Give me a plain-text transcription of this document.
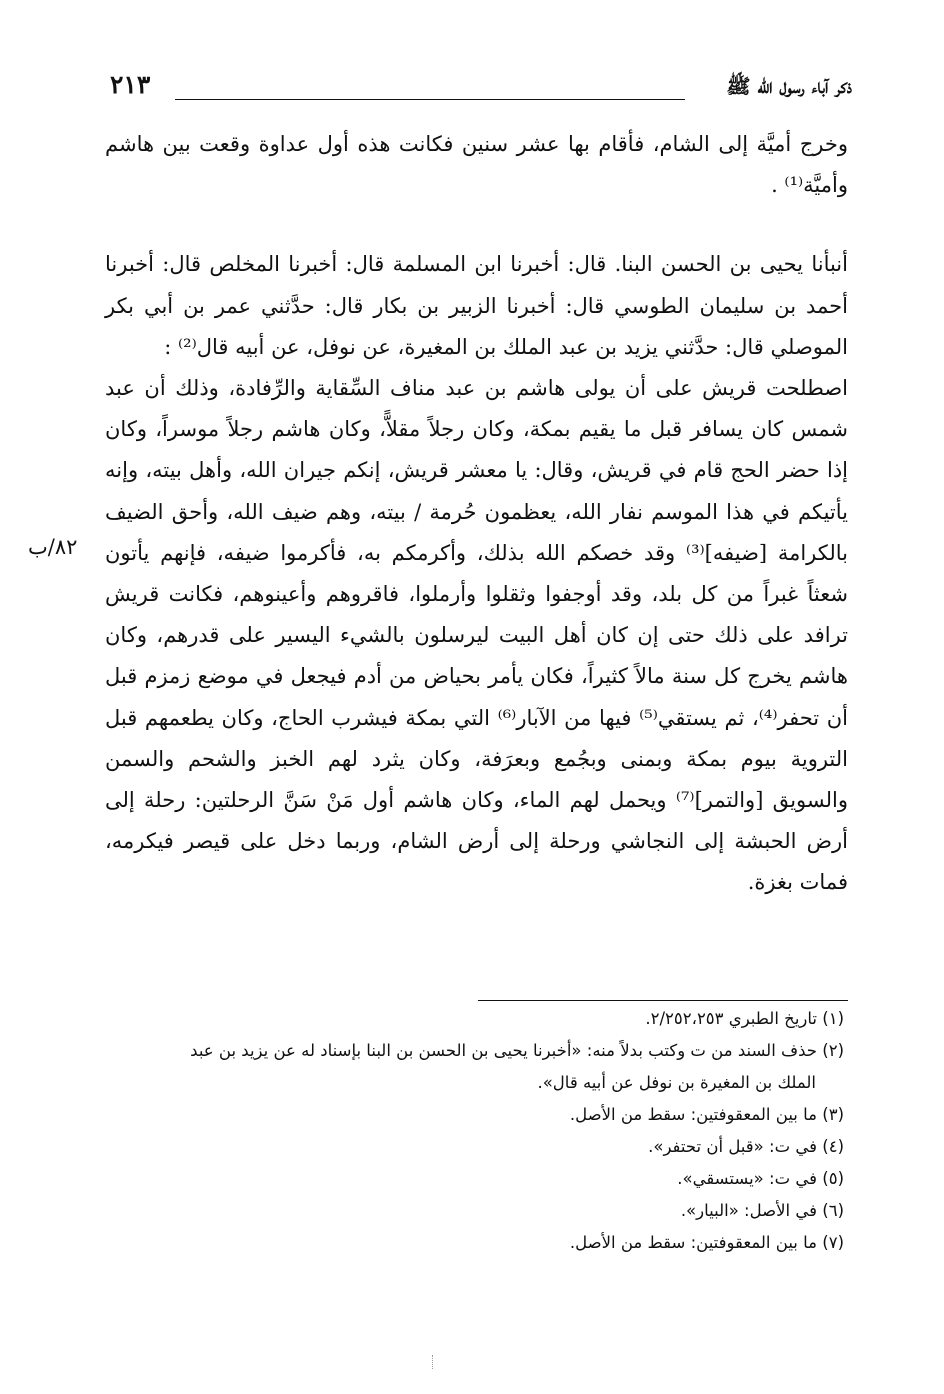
ذكر آباء رسول الله ﷺ
٢١٣

وخرج أميَّة إلى الشام، فأقام بها عشر سنين فكانت هذه أول عداوة وقعت بين هاشم وأميَّة⁽¹⁾ .

أنبأنا يحيى بن الحسن البنا. قال: أخبرنا ابن المسلمة قال: أخبرنا المخلص قال: أخبرنا أحمد بن سليمان الطوسي قال: أخبرنا الزبير بن بكار قال: حدَّثني عمر بن أبي بكر الموصلي قال: حدَّثني يزيد بن عبد الملك بن المغيرة، عن نوفل، عن أبيه قال⁽²⁾ :

اصطلحت قريش على أن يولى هاشم بن عبد مناف السِّقاية والرِّفادة، وذلك أن عبد شمس كان يسافر قبل ما يقيم بمكة، وكان رجلاً مقلاًّ، وكان هاشم رجلاً موسراً، وكان إذا حضر الحج قام في قريش، وقال: يا معشر قريش، إنكم جيران الله، وأهل بيته، وإنه يأتيكم في هذا الموسم نفار الله، يعظمون حُرمة / بيته، وهم ضيف الله، وأحق الضيف بالكرامة [ضيفه]⁽³⁾ وقد خصكم الله بذلك، وأكرمكم به، فأكرموا ضيفه، فإنهم يأتون شعثاً غبراً من كل بلد، وقد أوجفوا وثقلوا وأرملوا، فاقروهم وأعينوهم، فكانت قريش ترافد على ذلك حتى إن كان أهل البيت ليرسلون بالشيء اليسير على قدرهم، وكان هاشم يخرج كل سنة مالاً كثيراً، فكان يأمر بحياض من أدم فيجعل في موضع زمزم قبل أن تحفر⁽⁴⁾، ثم يستقي⁽⁵⁾ فيها من الآبار⁽⁶⁾ التي بمكة فيشرب الحاج، وكان يطعمهم قبل التروية بيوم بمكة وبمنى وبجُمع وبعرَفة، وكان يثرد لهم الخبز والشحم والسمن والسويق [والتمر]⁽⁷⁾ ويحمل لهم الماء، وكان هاشم أول مَنْ سَنَّ الرحلتين: رحلة إلى أرض الحبشة إلى النجاشي ورحلة إلى أرض الشام، وربما دخل على قيصر فيكرمه، فمات بغزة.

٨٢/ب

(١) تاريخ الطبري ٢/٢٥٢،٢٥٣.

(٢) حذف السند من ت وكتب بدلاً منه: «أخبرنا يحيى بن الحسن بن البنا بإسناد له عن يزيد بن عبد

الملك بن المغيرة بن نوفل عن أبيه قال».

(٣) ما بين المعقوفتين: سقط من الأصل.

(٤) في ت: «قبل أن تحتفر».

(٥) في ت: «يستسقي».

(٦) في الأصل: «البيار».

(٧) ما بين المعقوفتين: سقط من الأصل.
